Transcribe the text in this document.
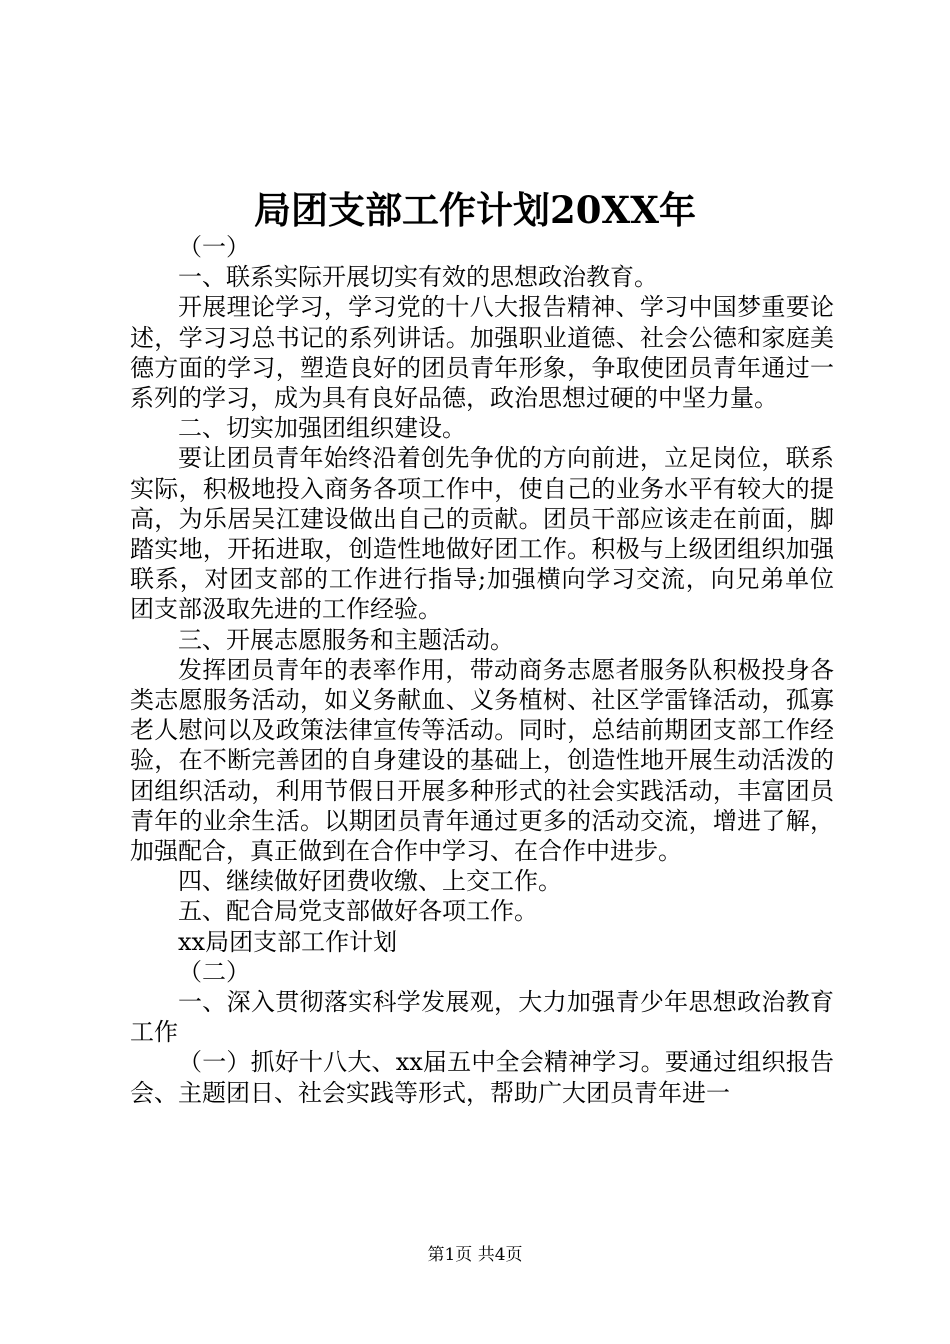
局团支部工作计划20XX年

（一）

一、联系实际开展切实有效的思想政治教育。

开展理论学习，学习党的十八大报告精神、学习中国梦重要论述，学习习总书记的系列讲话。加强职业道德、社会公德和家庭美德方面的学习，塑造良好的团员青年形象，争取使团员青年通过一系列的学习，成为具有良好品德，政治思想过硬的中坚力量。

二、切实加强团组织建设。

要让团员青年始终沿着创先争优的方向前进，立足岗位，联系实际，积极地投入商务各项工作中，使自己的业务水平有较大的提高，为乐居吴江建设做出自己的贡献。团员干部应该走在前面，脚踏实地，开拓进取，创造性地做好团工作。积极与上级团组织加强联系，对团支部的工作进行指导;加强横向学习交流，向兄弟单位团支部汲取先进的工作经验。

三、开展志愿服务和主题活动。

发挥团员青年的表率作用，带动商务志愿者服务队积极投身各类志愿服务活动，如义务献血、义务植树、社区学雷锋活动，孤寡老人慰问以及政策法律宣传等活动。同时，总结前期团支部工作经验，在不断完善团的自身建设的基础上，创造性地开展生动活泼的团组织活动，利用节假日开展多种形式的社会实践活动，丰富团员青年的业余生活。以期团员青年通过更多的活动交流，增进了解，加强配合，真正做到在合作中学习、在合作中进步。

四、继续做好团费收缴、上交工作。

五、配合局党支部做好各项工作。

xx局团支部工作计划

（二）

一、深入贯彻落实科学发展观，大力加强青少年思想政治教育工作

（一）抓好十八大、xx届五中全会精神学习。要通过组织报告会、主题团日、社会实践等形式，帮助广大团员青年进一

第1页 共4页
